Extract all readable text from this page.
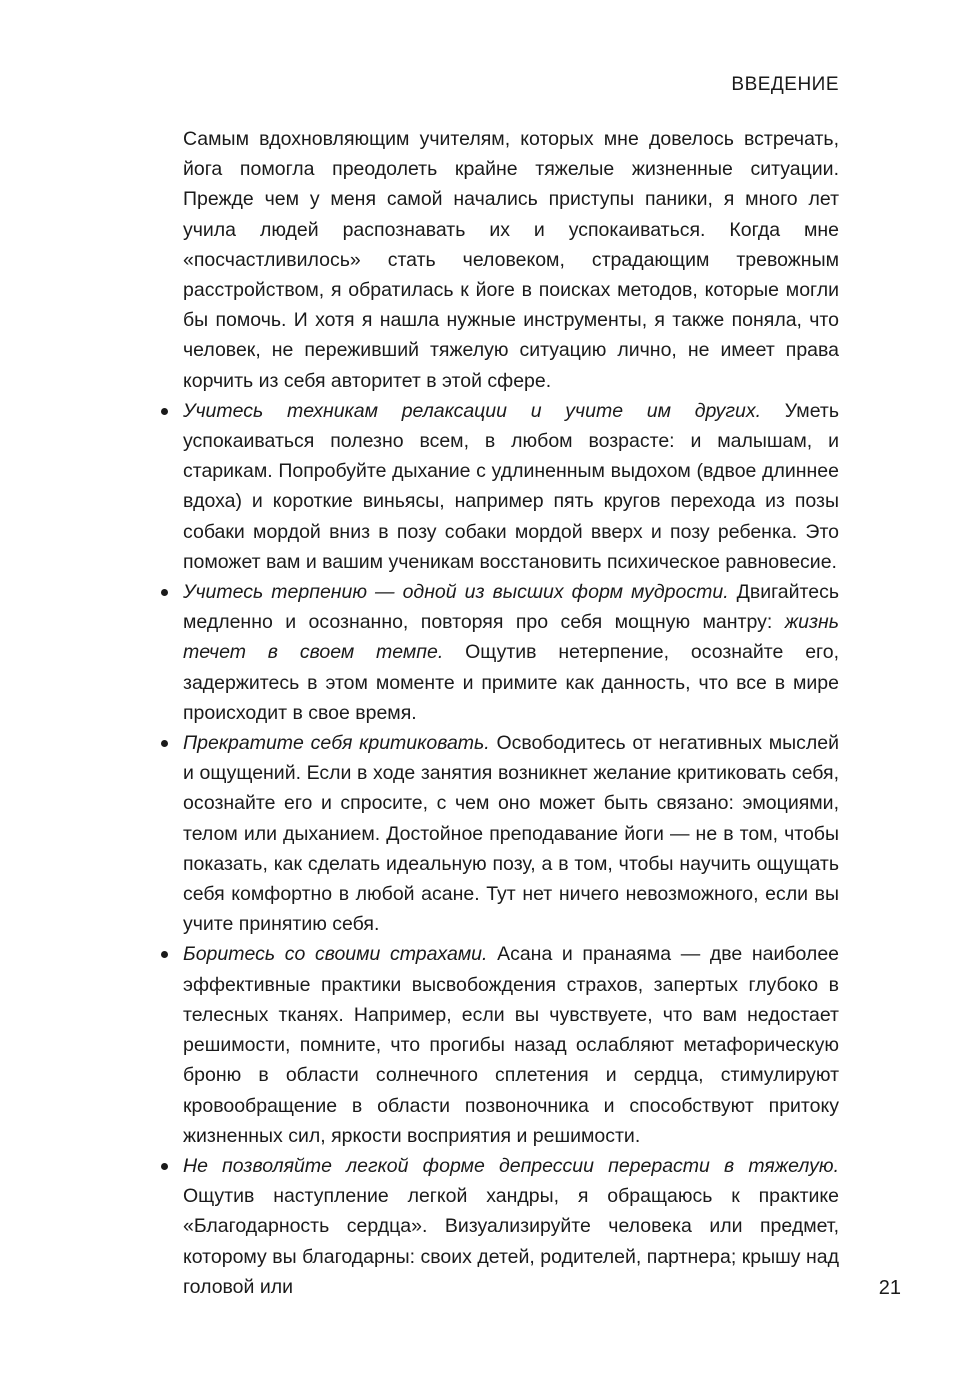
ВВЕДЕНИЕ

Самым вдохновляющим учителям, которых мне довелось встречать, йога помогла преодолеть крайне тяжелые жизненные ситуации. Прежде чем у меня самой начались приступы паники, я много лет учила людей распознавать их и успокаиваться. Когда мне «посчастливилось» стать человеком, страдающим тревожным расстройством, я обратилась к йоге в поисках методов, которые могли бы помочь. И хотя я нашла нужные инструменты, я также поняла, что человек, не переживший тяжелую ситуацию лично, не имеет права корчить из себя авторитет в этой сфере.

Учитесь техникам релаксации и учите им других. Уметь успокаиваться полезно всем, в любом возрасте: и малышам, и старикам. Попробуйте дыхание с удлиненным выдохом (вдвое длиннее вдоха) и короткие виньясы, например пять кругов перехода из позы собаки мордой вниз в позу собаки мордой вверх и позу ребенка. Это поможет вам и вашим ученикам восстановить психическое равновесие.
Учитесь терпению — одной из высших форм мудрости. Двигайтесь медленно и осознанно, повторяя про себя мощную мантру: жизнь течет в своем темпе. Ощутив нетерпение, осознайте его, задержитесь в этом моменте и примите как данность, что все в мире происходит в свое время.
Прекратите себя критиковать. Освободитесь от негативных мыслей и ощущений. Если в ходе занятия возникнет желание критиковать себя, осознайте его и спросите, с чем оно может быть связано: эмоциями, телом или дыханием. Достойное преподавание йоги — не в том, чтобы показать, как сделать идеальную позу, а в том, чтобы научить ощущать себя комфортно в любой асане. Тут нет ничего невозможного, если вы учите принятию себя.
Боритесь со своими страхами. Асана и пранаяма — две наиболее эффективные практики высвобождения страхов, запертых глубоко в телесных тканях. Например, если вы чувствуете, что вам недостает решимости, помните, что прогибы назад ослабляют метафорическую броню в области солнечного сплетения и сердца, стимулируют кровообращение в области позвоночника и способствуют притоку жизненных сил, яркости восприятия и решимости.
Не позволяйте легкой форме депрессии перерасти в тяжелую. Ощутив наступление легкой хандры, я обращаюсь к практике «Благодарность сердца». Визуализируйте человека или предмет, которому вы благодарны: своих детей, родителей, партнера; крышу над головой или	21
